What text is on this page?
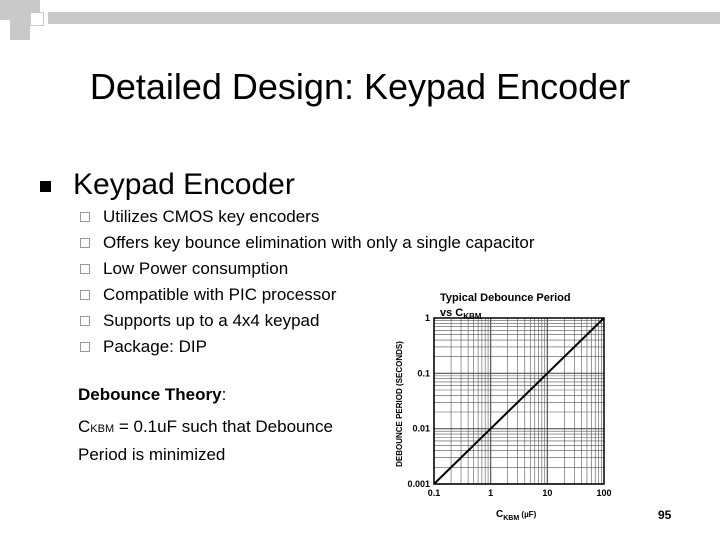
Detailed Design: Keypad Encoder
Keypad Encoder
Utilizes CMOS key encoders
Offers key bounce elimination with only a single capacitor
Low Power consumption
Compatible with PIC processor
Supports up to a 4x4 keypad
Package: DIP
Debounce Theory:
CKBM = 0.1uF such that Debounce
Period is minimized
Typical Debounce Period
vs $C_{KBM}$
DEBOUNCE PERIOD (SECONDS)
$C_{KBM}$ $^{(\mu F)}$
0.1	1	10	100
0.001
0.01
0.1
1
95
